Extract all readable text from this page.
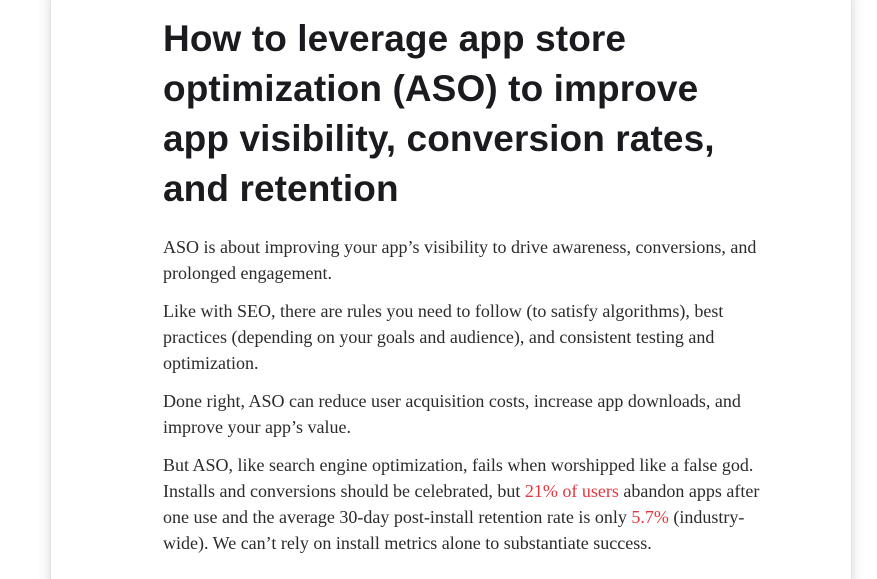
How to leverage app store optimization (ASO) to improve app visibility, conversion rates, and retention

ASO is about improving your app’s visibility to drive awareness, conversions, and prolonged engagement.

Like with SEO, there are rules you need to follow (to satisfy algorithms), best practices (depending on your goals and audience), and consistent testing and optimization.

Done right, ASO can reduce user acquisition costs, increase app downloads, and improve your app’s value.

But ASO, like search engine optimization, fails when worshipped like a false god. Installs and conversions should be celebrated, but 21% of users abandon apps after one use and the average 30-day post-install retention rate is only 5.7% (industry-wide). We can’t rely on install metrics alone to substantiate success.
